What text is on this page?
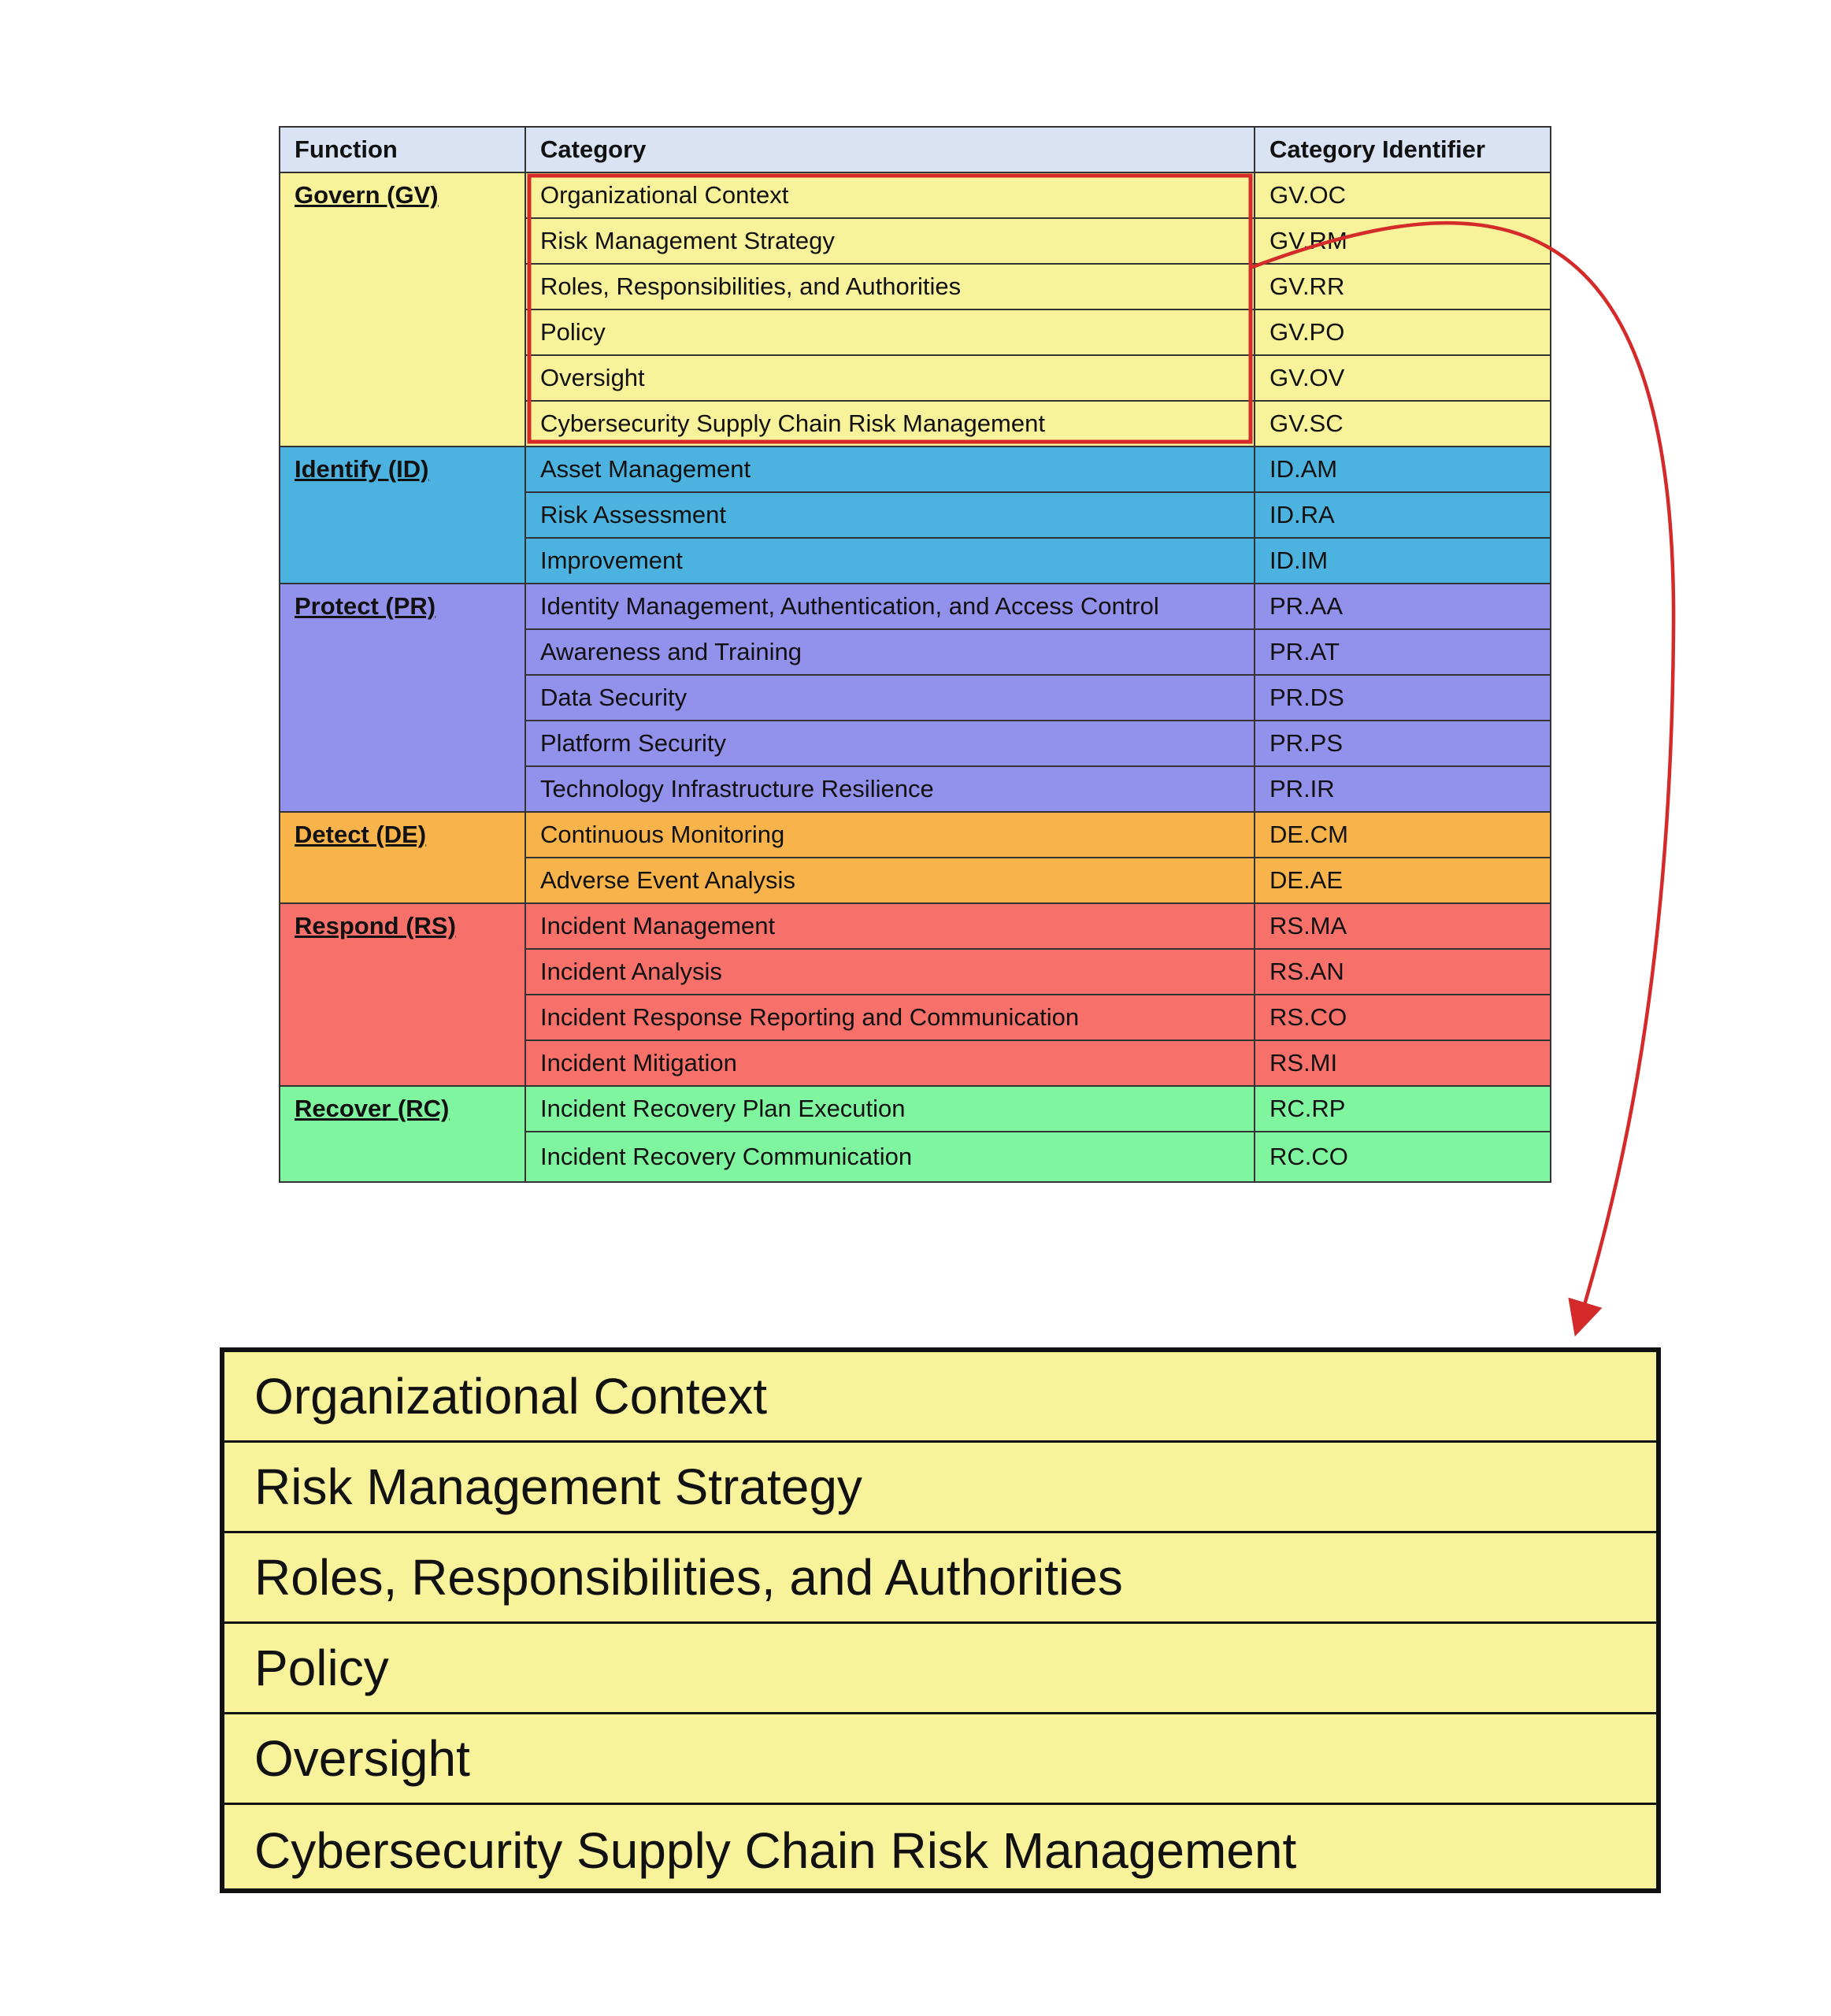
Function	Category	Category Identifier
Govern (GV)	Organizational Context	GV.OC
	Risk Management Strategy	GV.RM
	Roles, Responsibilities, and Authorities	GV.RR
	Policy	GV.PO
	Oversight	GV.OV
	Cybersecurity Supply Chain Risk Management	GV.SC
Identify (ID)	Asset Management	ID.AM
	Risk Assessment	ID.RA
	Improvement	ID.IM
Protect (PR)	Identity Management, Authentication, and Access Control	PR.AA
	Awareness and Training	PR.AT
	Data Security	PR.DS
	Platform Security	PR.PS
	Technology Infrastructure Resilience	PR.IR
Detect (DE)	Continuous Monitoring	DE.CM
	Adverse Event Analysis	DE.AE
Respond (RS)	Incident Management	RS.MA
	Incident Analysis	RS.AN
	Incident Response Reporting and Communication	RS.CO
	Incident Mitigation	RS.MI
Recover (RC)	Incident Recovery Plan Execution	RC.RP
	Incident Recovery Communication	RC.CO
Organizational Context
Risk Management Strategy
Roles, Responsibilities, and Authorities
Policy
Oversight
Cybersecurity Supply Chain Risk Management
